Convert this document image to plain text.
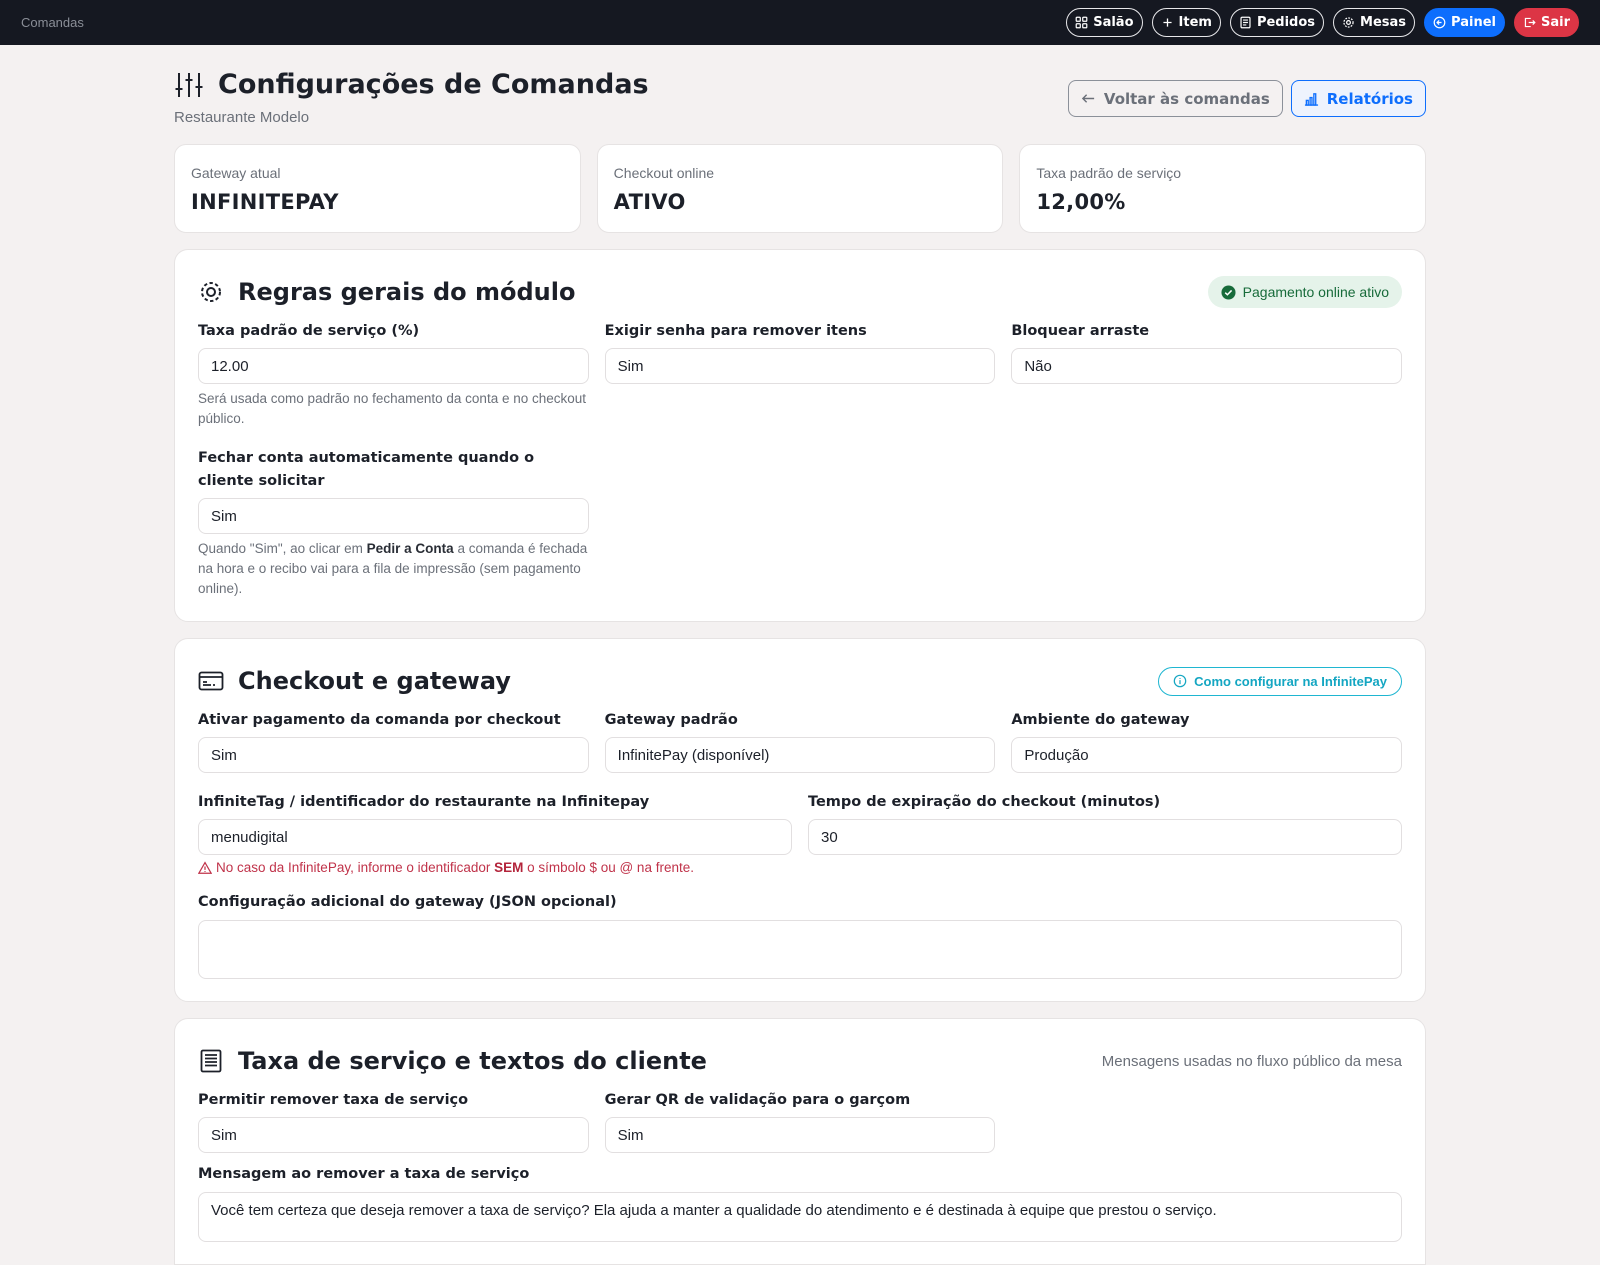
Comandas	Salão	Item	Pedidos	Mesas	Painel	Sair
Configurações de Comandas
Restaurante Modelo
Voltar às comandas	Relatórios
Gateway atual
INFINITEPAY
Checkout online
ATIVO
Taxa padrão de serviço
12,00%
Regras gerais do módulo	Pagamento online ativo
Taxa padrão de serviço (%)
12.00
Será usada como padrão no fechamento da conta e no checkout público.
Exigir senha para remover itens
Sim
Bloquear arraste
Não
Fechar conta automaticamente quando o cliente solicitar
Sim
Quando "Sim", ao clicar em Pedir a Conta a comanda é fechada na hora e o recibo vai para a fila de impressão (sem pagamento online).
Checkout e gateway	Como configurar na InfinitePay
Ativar pagamento da comanda por checkout
Sim
Gateway padrão
InfinitePay (disponível)
Ambiente do gateway
Produção
InfiniteTag / identificador do restaurante na Infinitepay
menudigital
No caso da InfinitePay, informe o identificador SEM o símbolo $ ou @ na frente.
Tempo de expiração do checkout (minutos)
30
Configuração adicional do gateway (JSON opcional)
Taxa de serviço e textos do cliente	Mensagens usadas no fluxo público da mesa
Permitir remover taxa de serviço
Sim
Gerar QR de validação para o garçom
Sim
Mensagem ao remover a taxa de serviço
Você tem certeza que deseja remover a taxa de serviço? Ela ajuda a manter a qualidade do atendimento e é destinada à equipe que prestou o serviço.
